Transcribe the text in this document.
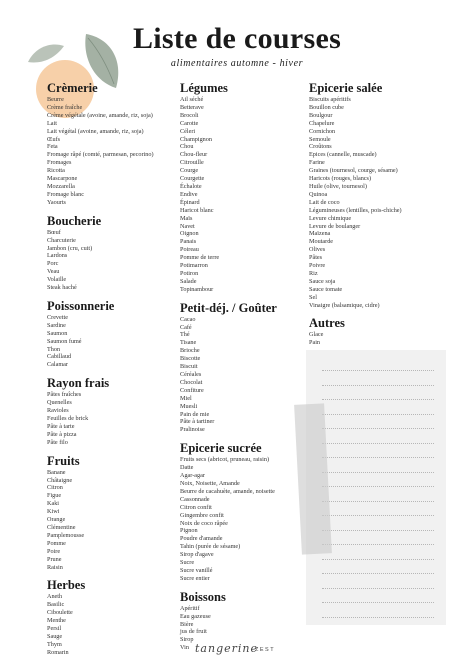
Liste de courses
alimentaires automne - hiver
Crèmerie
Beurre
Crème fraîche
Crème végétale (avoine, amande, riz, soja)
Lait
Lait végétal (avoine, amande, riz, soja)
Œufs
Feta
Fromage râpé (comté, parmesan, pecorino)
Fromages
Ricotta
Mascarpone
Mozzarella
Fromage blanc
Yaourts
Boucherie
Bœuf
Charcuterie
Jambon (cru, cuit)
Lardons
Porc
Veau
Volaille
Steak haché
Poissonnerie
Crevette
Sardine
Saumon
Saumon fumé
Thon
Cabillaud
Calamar
Rayon frais
Pâtes fraîches
Quenelles
Ravioles
Feuilles de brick
Pâte à tarte
Pâte à pizza
Pâte filo
Fruits
Banane
Châtaigne
Citron
Figue
Kaki
Kiwi
Orange
Clémentine
Pamplemousse
Pomme
Poire
Prune
Raisin
Herbes
Aneth
Basilic
Ciboulette
Menthe
Persil
Sauge
Thym
Romarin
Légumes
Ail séché
Betterave
Brocoli
Carotte
Céleri
Champignon
Chou
Chou-fleur
Citrouille
Courge
Courgette
Échalote
Endive
Épinard
Haricot blanc
Maïs
Navet
Oignon
Panais
Poireau
Pomme de terre
Potimarron
Potiron
Salade
Topinambour
Petit-déj. / Goûter
Cacao
Café
Thé
Tisane
Brioche
Biscotte
Biscuit
Céréales
Chocolat
Confiture
Miel
Muesli
Pain de mie
Pâte à tartiner
Pralinoise
Epicerie sucrée
Fruits secs (abricot, pruneau, raisin)
Datte
Agar-agar
Noix, Noisette, Amande
Beurre de cacahuète, amande, noisette
Cassonnade
Citron confit
Gingembre confit
Noix de coco râpée
Pignon
Poudre d'amande
Tahin (purée de sésame)
Sirop d'agave
Sucre
Sucre vanillé
Sucre entier
Boissons
Apéritif
Eau gazeuse
Bière
jus de fruit
Sirop
Vin
Epicerie salée
Biscuits apéritifs
Bouillon cube
Boulgour
Chapelure
Cornichon
Semoule
Croûtons
Epices (cannelle, muscade)
Farine
Graines (tournesol, courge, sésame)
Haricots (rouges, blancs)
Huile (olive, tournesol)
Quinoa
Lait de coco
Légumineuses (lentilles, pois-chiche)
Levure chimique
Levure de boulanger
Maïzena
Moutarde
Olives
Pâtes
Poivre
Riz
Sauce soja
Sauce tomate
Sel
Vinaigre (balsamique, cidre)
Autres
Glace
Pain
tangerine
ZEST
